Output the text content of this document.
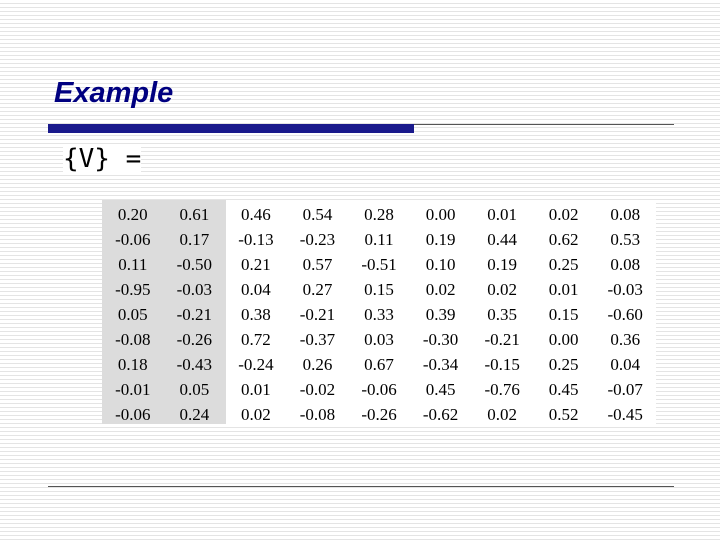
Example
{V} =
0.20	0.61	0.46	0.54	0.28	0.00	0.01	0.02	0.08
-0.06	0.17	-0.13	-0.23	0.11	0.19	0.44	0.62	0.53
0.11	-0.50	0.21	0.57	-0.51	0.10	0.19	0.25	0.08
-0.95	-0.03	0.04	0.27	0.15	0.02	0.02	0.01	-0.03
0.05	-0.21	0.38	-0.21	0.33	0.39	0.35	0.15	-0.60
-0.08	-0.26	0.72	-0.37	0.03	-0.30	-0.21	0.00	0.36
0.18	-0.43	-0.24	0.26	0.67	-0.34	-0.15	0.25	0.04
-0.01	0.05	0.01	-0.02	-0.06	0.45	-0.76	0.45	-0.07
-0.06	0.24	0.02	-0.08	-0.26	-0.62	0.02	0.52	-0.45
